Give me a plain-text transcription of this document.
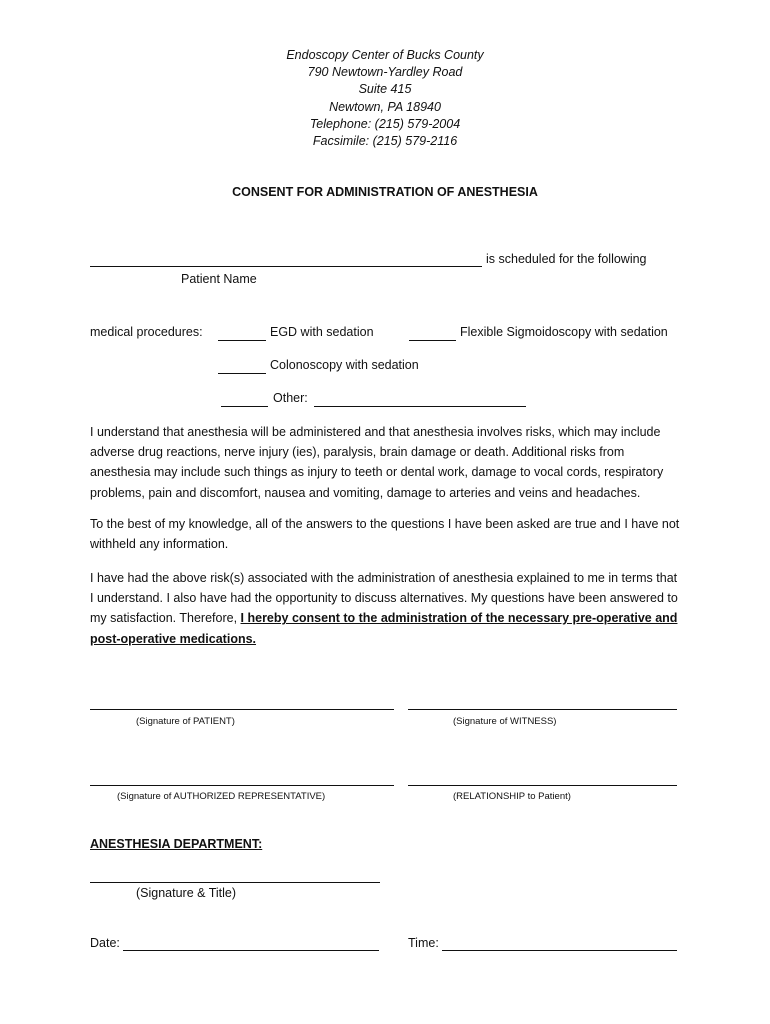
Endoscopy Center of Bucks County
790 Newtown-Yardley Road
Suite 415
Newtown, PA 18940
Telephone: (215) 579-2004
Facsimile: (215) 579-2116
CONSENT FOR ADMINISTRATION OF ANESTHESIA
is scheduled for the following
Patient Name
medical procedures:	EGD with sedation	Flexible Sigmoidoscopy with sedation
Colonoscopy with sedation
Other:
I understand that anesthesia will be administered and that anesthesia involves risks, which may include adverse drug reactions, nerve injury (ies), paralysis, brain damage or death. Additional risks from anesthesia may include such things as injury to teeth or dental work, damage to vocal cords, respiratory problems, pain and discomfort, nausea and vomiting, damage to arteries and veins and headaches.
To the best of my knowledge, all of the answers to the questions I have been asked are true and I have not withheld any information.
I have had the above risk(s) associated with the administration of anesthesia explained to me in terms that I understand. I also have had the opportunity to discuss alternatives. My questions have been answered to my satisfaction. Therefore, I hereby consent to the administration of the necessary pre-operative and post-operative medications.
(Signature of PATIENT)	(Signature of WITNESS)
(Signature of AUTHORIZED REPRESENTATIVE)	(RELATIONSHIP to Patient)
ANESTHESIA DEPARTMENT:
(Signature & Title)
Date:	Time:
